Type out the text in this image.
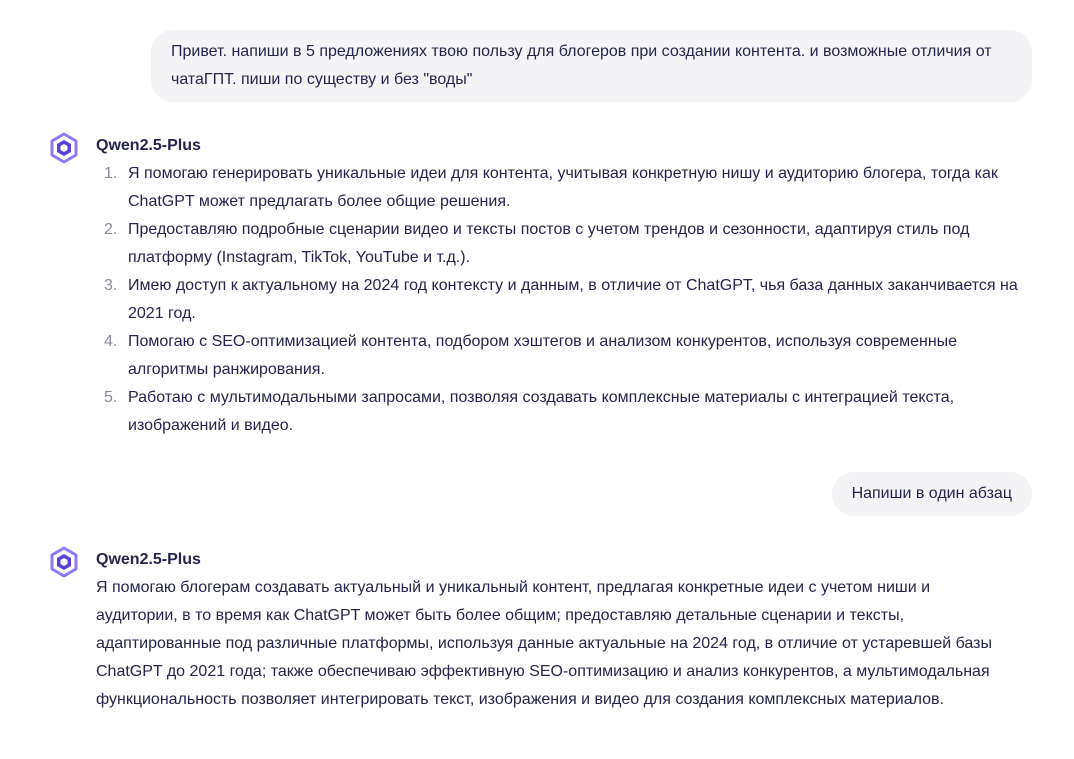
Привет. напиши в 5 предложениях твою пользу для блогеров при создании контента. и возможные отличия от чатаГПТ. пиши по существу и без "воды"
Qwen2.5-Plus
1. Я помогаю генерировать уникальные идеи для контента, учитывая конкретную нишу и аудиторию блогера, тогда как ChatGPT может предлагать более общие решения.
2. Предоставляю подробные сценарии видео и тексты постов с учетом трендов и сезонности, адаптируя стиль под платформу (Instagram, TikTok, YouTube и т.д.).
3. Имею доступ к актуальному на 2024 год контексту и данным, в отличие от ChatGPT, чья база данных заканчивается на 2021 год.
4. Помогаю с SEO-оптимизацией контента, подбором хэштегов и анализом конкурентов, используя современные алгоритмы ранжирования.
5. Работаю с мультимодальными запросами, позволяя создавать комплексные материалы с интеграцией текста, изображений и видео.
Напиши в один абзац
Qwen2.5-Plus

Я помогаю блогерам создавать актуальный и уникальный контент, предлагая конкретные идеи с учетом ниши и аудитории, в то время как ChatGPT может быть более общим; предоставляю детальные сценарии и тексты, адаптированные под различные платформы, используя данные актуальные на 2024 год, в отличие от устаревшей базы ChatGPT до 2021 года; также обеспечиваю эффективную SEO-оптимизацию и анализ конкурентов, а мультимодальная функциональность позволяет интегрировать текст, изображения и видео для создания комплексных материалов.
